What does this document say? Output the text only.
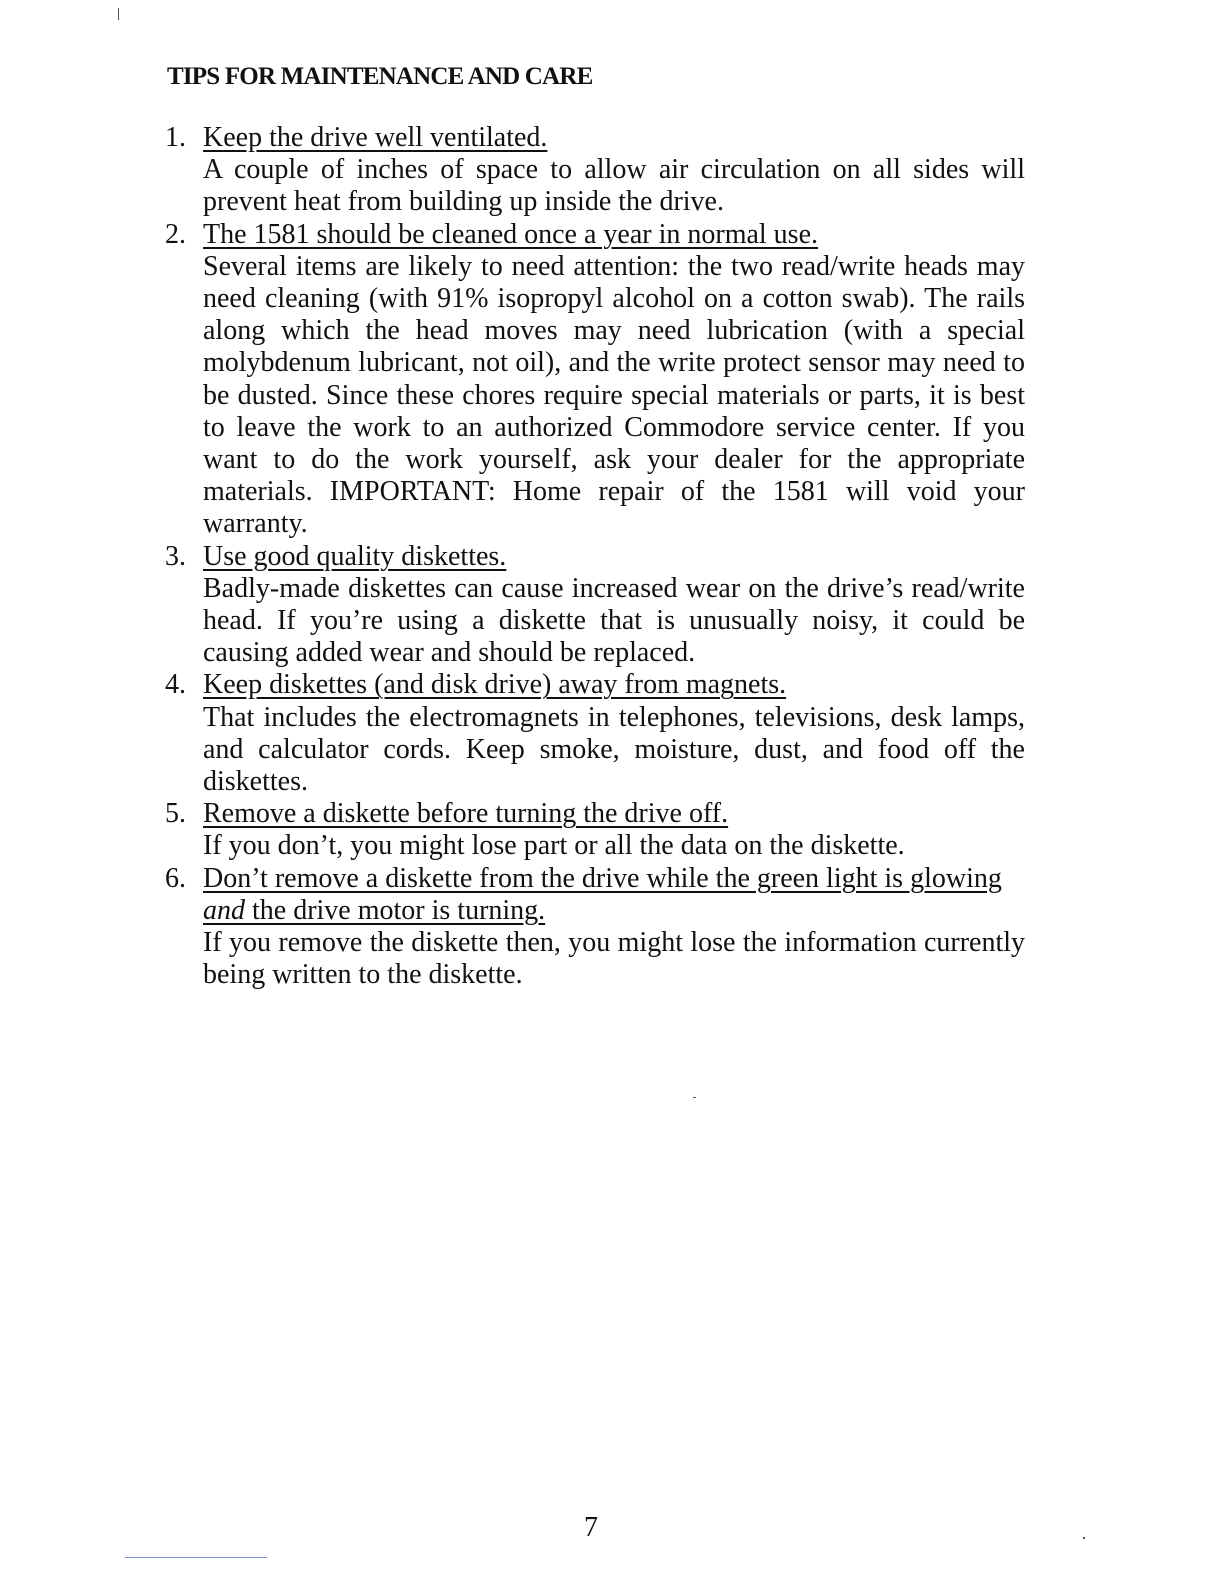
TIPS FOR MAINTENANCE AND CARE
1. Keep the drive well ventilated.
A couple of inches of space to allow air circulation on all sides will prevent heat from building up inside the drive.
2. The 1581 should be cleaned once a year in normal use.
Several items are likely to need attention: the two read/write heads may need cleaning (with 91% isopropyl alcohol on a cotton swab). The rails along which the head moves may need lubrication (with a special molybdenum lubricant, not oil), and the write protect sensor may need to be dusted. Since these chores require special materials or parts, it is best to leave the work to an authorized Commodore service center. If you want to do the work yourself, ask your dealer for the appropriate materials. IMPORTANT: Home repair of the 1581 will void your warranty.
3. Use good quality diskettes.
Badly-made diskettes can cause increased wear on the drive’s read/write head. If you’re using a diskette that is unusually noisy, it could be causing added wear and should be replaced.
4. Keep diskettes (and disk drive) away from magnets.
That includes the electromagnets in telephones, televisions, desk lamps, and calculator cords. Keep smoke, moisture, dust, and food off the diskettes.
5. Remove a diskette before turning the drive off.
If you don’t, you might lose part or all the data on the diskette.
6. Don’t remove a diskette from the drive while the green light is glowing and the drive motor is turning.
If you remove the diskette then, you might lose the information currently being written to the diskette.
7
